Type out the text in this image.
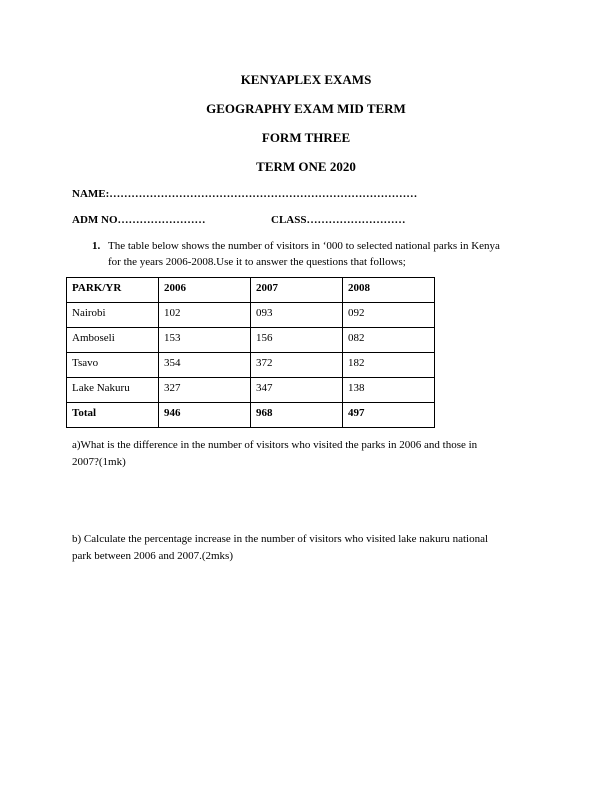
KENYAPLEX EXAMS
GEOGRAPHY EXAM MID TERM
FORM THREE
TERM ONE 2020
NAME:…………………………………………………………………………
ADM NO……………………	CLASS………………………
1. The table below shows the number of visitors in ‘000 to selected national parks in Kenya
for the years 2006-2008.Use it to answer the questions that follows;
PARK/YR	2006	2007	2008
Nairobi	102	093	092
Amboseli	153	156	082
Tsavo	354	372	182
Lake Nakuru	327	347	138
Total	946	968	497
a)What is the difference in the number of visitors who visited the parks in 2006 and those in
2007?(1mk)
b) Calculate the percentage increase in the number of visitors who visited lake nakuru national
park between 2006 and 2007.(2mks)
